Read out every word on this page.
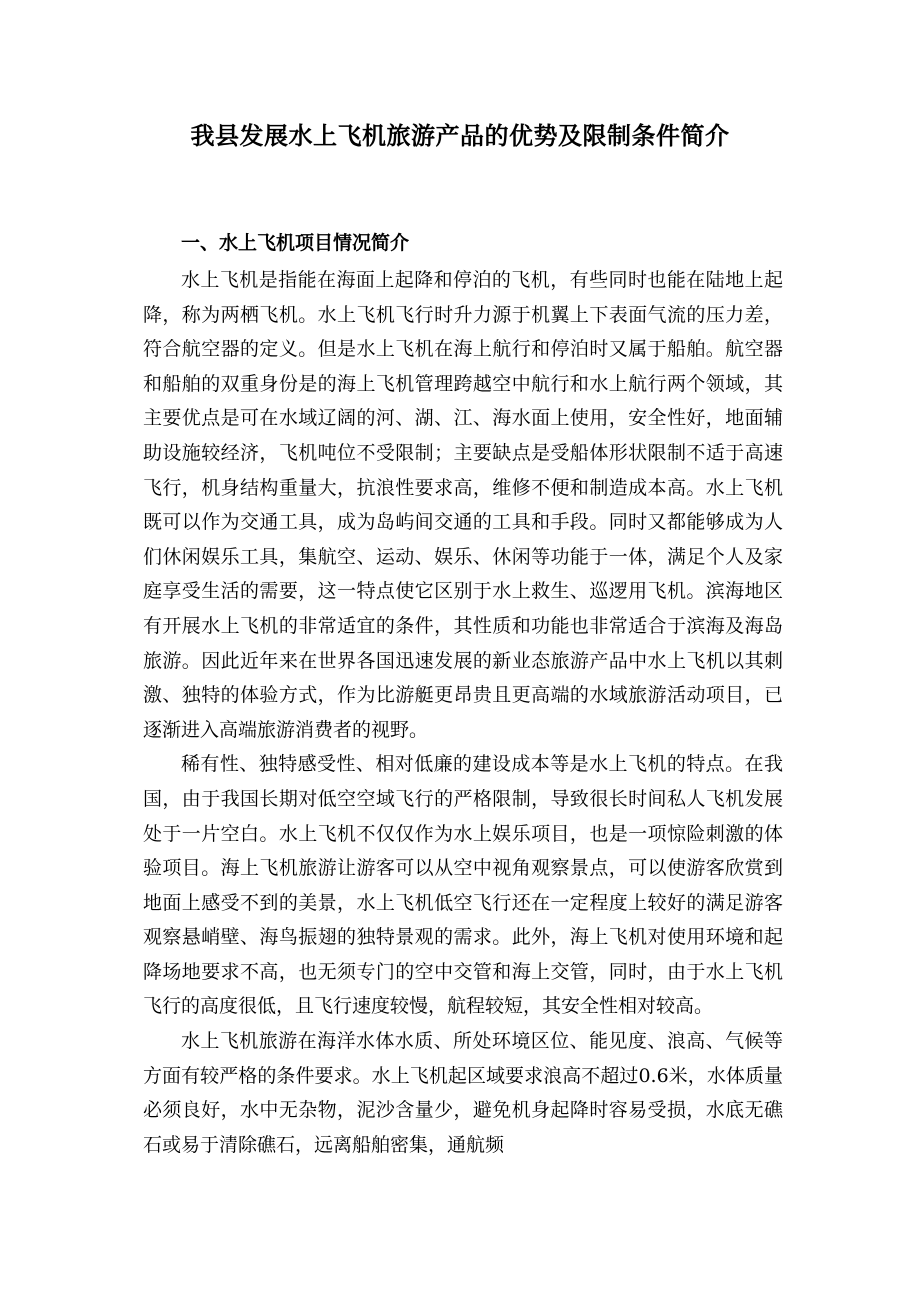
我县发展水上飞机旅游产品的优势及限制条件简介
一、水上飞机项目情况简介

水上飞机是指能在海面上起降和停泊的飞机，有些同时也能在陆地上起降，称为两栖飞机。水上飞机飞行时升力源于机翼上下表面气流的压力差，符合航空器的定义。但是水上飞机在海上航行和停泊时又属于船舶。航空器和船舶的双重身份是的海上飞机管理跨越空中航行和水上航行两个领域，其主要优点是可在水域辽阔的河、湖、江、海水面上使用，安全性好，地面辅助设施较经济，飞机吨位不受限制；主要缺点是受船体形状限制不适于高速飞行，机身结构重量大，抗浪性要求高，维修不便和制造成本高。水上飞机既可以作为交通工具，成为岛屿间交通的工具和手段。同时又都能够成为人们休闲娱乐工具，集航空、运动、娱乐、休闲等功能于一体，满足个人及家庭享受生活的需要，这一特点使它区别于水上救生、巡逻用飞机。滨海地区有开展水上飞机的非常适宜的条件，其性质和功能也非常适合于滨海及海岛旅游。因此近年来在世界各国迅速发展的新业态旅游产品中水上飞机以其刺激、独特的体验方式，作为比游艇更昂贵且更高端的水域旅游活动项目，已逐渐进入高端旅游消费者的视野。

稀有性、独特感受性、相对低廉的建设成本等是水上飞机的特点。在我国，由于我国长期对低空空域飞行的严格限制，导致很长时间私人飞机发展处于一片空白。水上飞机不仅仅作为水上娱乐项目，也是一项惊险刺激的体验项目。海上飞机旅游让游客可以从空中视角观察景点，可以使游客欣赏到地面上感受不到的美景，水上飞机低空飞行还在一定程度上较好的满足游客观察悬峭壁、海鸟振翅的独特景观的需求。此外，海上飞机对使用环境和起降场地要求不高，也无须专门的空中交管和海上交管，同时，由于水上飞机飞行的高度很低，且飞行速度较慢，航程较短，其安全性相对较高。

水上飞机旅游在海洋水体水质、所处环境区位、能见度、浪高、气候等方面有较严格的条件要求。水上飞机起区域要求浪高不超过0.6米，水体质量必须良好，水中无杂物，泥沙含量少，避免机身起降时容易受损，水底无礁石或易于清除礁石，远离船舶密集，通航频
